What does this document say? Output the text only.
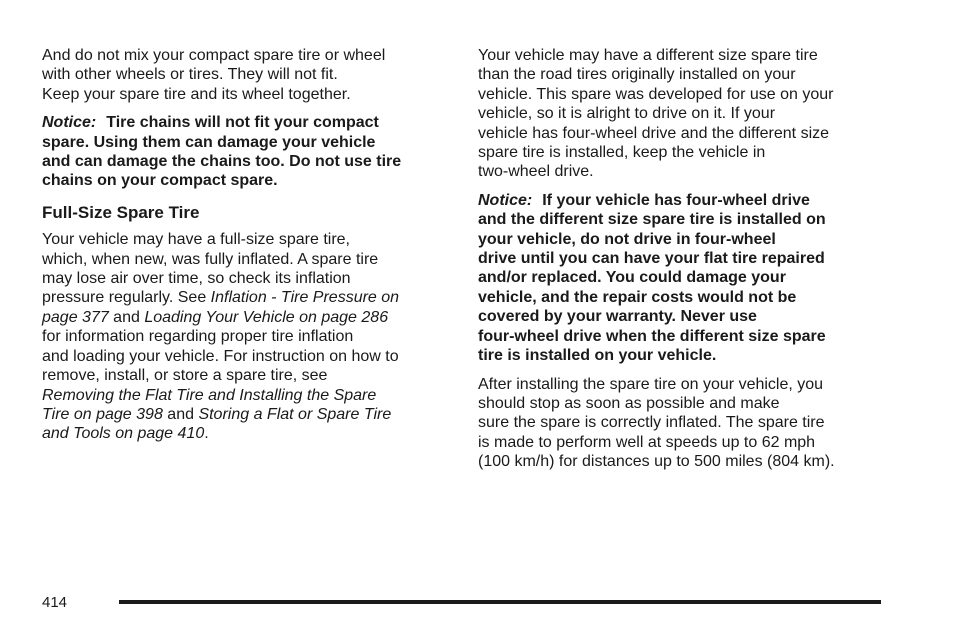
And do not mix your compact spare tire or wheel
with other wheels or tires. They will not fit.
Keep your spare tire and its wheel together.

Notice: Tire chains will not fit your compact
spare. Using them can damage your vehicle
and can damage the chains too. Do not use tire
chains on your compact spare.

Full-Size Spare Tire

Your vehicle may have a full-size spare tire,
which, when new, was fully inflated. A spare tire
may lose air over time, so check its inflation
pressure regularly. See Inflation - Tire Pressure on
page 377 and Loading Your Vehicle on page 286
for information regarding proper tire inflation
and loading your vehicle. For instruction on how to
remove, install, or store a spare tire, see
Removing the Flat Tire and Installing the Spare
Tire on page 398 and Storing a Flat or Spare Tire
and Tools on page 410.

Your vehicle may have a different size spare tire
than the road tires originally installed on your
vehicle. This spare was developed for use on your
vehicle, so it is alright to drive on it. If your
vehicle has four-wheel drive and the different size
spare tire is installed, keep the vehicle in
two-wheel drive.

Notice: If your vehicle has four-wheel drive
and the different size spare tire is installed on
your vehicle, do not drive in four-wheel
drive until you can have your flat tire repaired
and/or replaced. You could damage your
vehicle, and the repair costs would not be
covered by your warranty. Never use
four-wheel drive when the different size spare
tire is installed on your vehicle.

After installing the spare tire on your vehicle, you
should stop as soon as possible and make
sure the spare is correctly inflated. The spare tire
is made to perform well at speeds up to 62 mph
(100 km/h) for distances up to 500 miles (804 km).

414
